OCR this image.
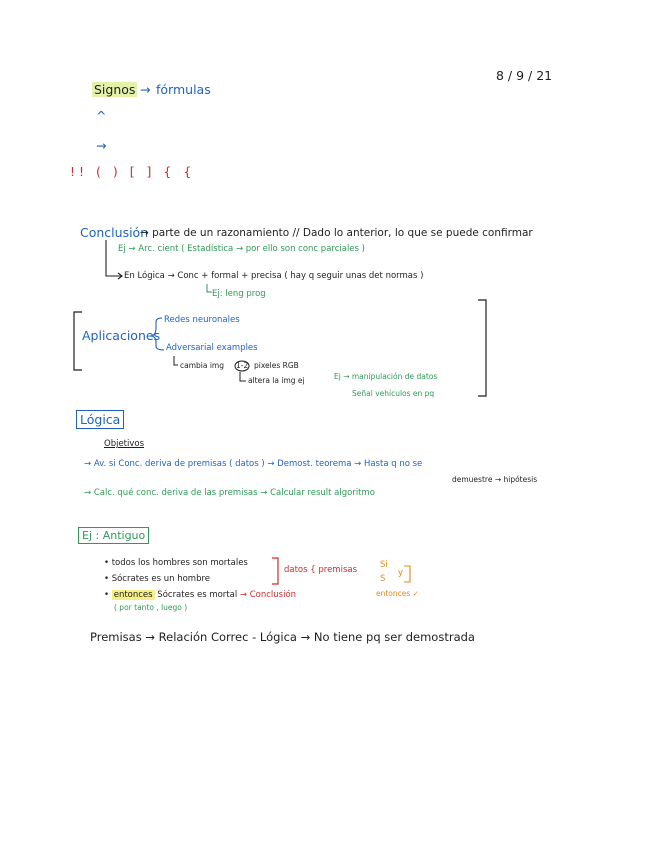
8 / 9 / 21
Signos → fórmulas
^
→
!! ( ) [ ] { {
Conclusión
→ parte de un razonamiento // Dado lo anterior, lo que se puede confirmar
Ej → Arc. cient ( Estadística → por ello son conc parciales )
En Lógica → Conc + formal + precisa ( hay q seguir unas det normas )
Ej: leng prog
Aplicaciones
Redes neuronales
Adversarial examples
cambia img	pixeles RGB
1-2
altera la img ej	Ej → manipulación de datos
Señal vehículos en pq
Lógica
Objetivos
→ Av. si Conc. deriva de premisas ( datos ) → Demost. teorema → Hasta q no se
demuestre → hipótesis
→ Calc. qué conc. deriva de las premisas → Calcular result algoritmo
Ej : Antiguo
• todos los hombres son mortales
• Sócrates es un hombre
• entonces Sócrates es mortal → Conclusión
( por tanto , luego )
datos { premisas	Si
S
y
entonces ✓
Premisas → Relación Correc - Lógica → No tiene pq ser demostrada
